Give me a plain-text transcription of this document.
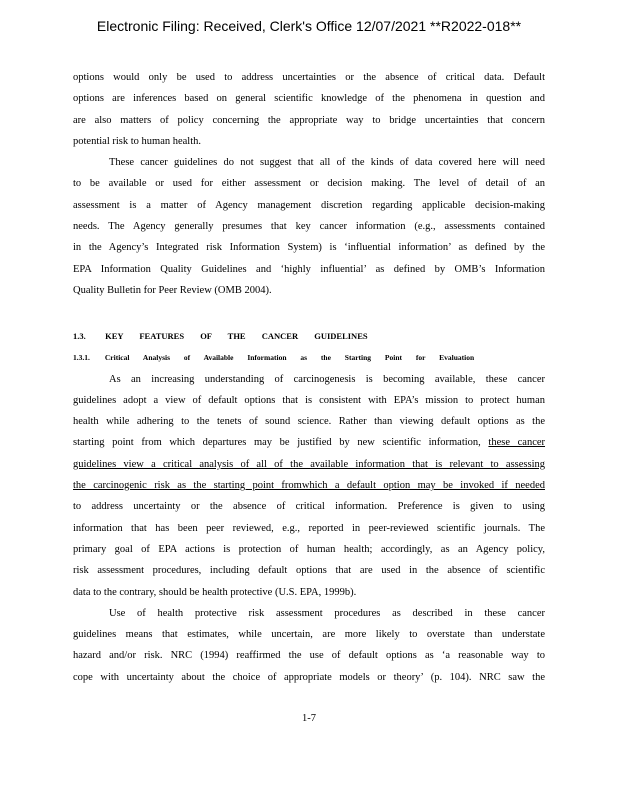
Electronic Filing: Received, Clerk's Office 12/07/2021 **R2022-018**
options would only be used to address uncertainties or the absence of critical data. Default
options are inferences based on general scientific knowledge of the phenomena in question and
are also matters of policy concerning the appropriate way to bridge uncertainties that concern
potential risk to human health.
These cancer guidelines do not suggest that all of the kinds of data covered here will need
to be available or used for either assessment or decision making. The level of detail of an
assessment is a matter of Agency management discretion regarding applicable decision-making
needs. The Agency generally presumes that key cancer information (e.g., assessments contained
in the Agency’s Integrated risk Information System) is ‘influential information’ as defined by the
EPA Information Quality Guidelines and ‘highly influential’ as defined by OMB’s Information
Quality Bulletin for Peer Review (OMB 2004).
1.3. KEY FEATURES OF THE CANCER GUIDELINES
1.3.1. Critical Analysis of Available Information as the Starting Point for Evaluation
As an increasing understanding of carcinogenesis is becoming available, these cancer
guidelines adopt a view of default options that is consistent with EPA’s mission to protect human
health while adhering to the tenets of sound science. Rather than viewing default options as the
starting point from which departures may be justified by new scientific information, these cancer
guidelines view a critical analysis of all of the available information that is relevant to assessing
the carcinogenic risk as the starting point fromwhich a default option may be invoked if needed
to address uncertainty or the absence of critical information. Preference is given to using
information that has been peer reviewed, e.g., reported in peer-reviewed scientific journals. The
primary goal of EPA actions is protection of human health; accordingly, as an Agency policy,
risk assessment procedures, including default options that are used in the absence of scientific
data to the contrary, should be health protective (U.S. EPA, 1999b).
Use of health protective risk assessment procedures as described in these cancer
guidelines means that estimates, while uncertain, are more likely to overstate than understate
hazard and/or risk. NRC (1994) reaffirmed the use of default options as ‘a reasonable way to
cope with uncertainty about the choice of appropriate models or theory’ (p. 104). NRC saw the
1-7
